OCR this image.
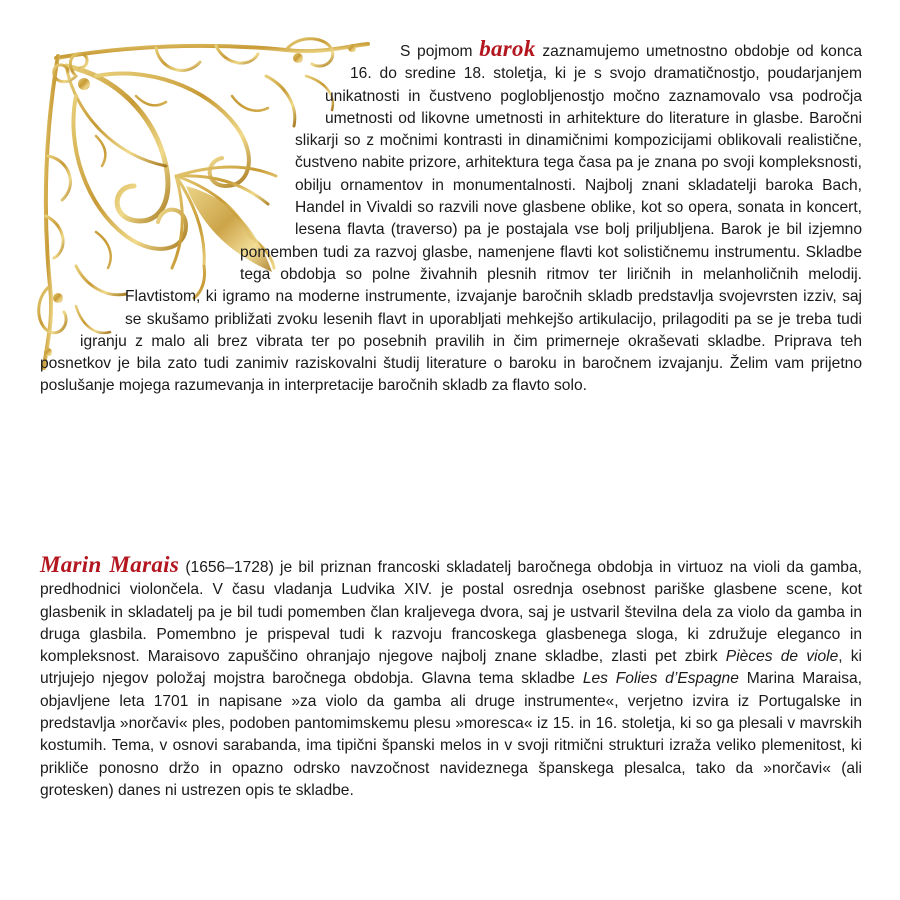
S pojmom barok zaznamujemo umetnostno obdobje od konca 16. do sredine 18. stoletja, ki je s svojo dramatičnostjo, poudarjanjem unikatnosti in čustveno poglobljenostjo močno zaznamovalo vsa področja umetnosti od likovne umetnosti in arhitekture do literature in glasbe. Baročni slikarji so z močnimi kontrasti in dinamičnimi kompozicijami oblikovali realistične, čustveno nabite prizore, arhitektura tega časa pa je znana po svoji kompleksnosti, obilju ornamentov in monumentalnosti. Najbolj znani skladatelji baroka Bach, Handel in Vivaldi so razvili nove glasbene oblike, kot so opera, sonata in koncert, lesena flavta (traverso) pa je postajala vse bolj priljubljena. Barok je bil izjemno pomemben tudi za razvoj glasbe, namenjene flavti kot solističnemu instrumentu. Skladbe tega obdobja so polne živahnih plesnih ritmov ter liričnih in melanholičnih melodij. Flavtistom, ki igramo na moderne instrumente, izvajanje baročnih skladb predstavlja svojevrsten izziv, saj se skušamo približati zvoku lesenih flavt in uporabljati mehkejšo artikulacijo, prilagoditi pa se je treba tudi igranju z malo ali brez vibrata ter po posebnih pravilih in čim primerneje okraševati skladbe. Priprava teh posnetkov je bila zato tudi zanimiv raziskovalni študij literature o baroku in baročnem izvajanju. Želim vam prijetno poslušanje mojega razumevanja in interpretacije baročnih skladb za flavto solo.

Marin Marais (1656–1728) je bil priznan francoski skladatelj baročnega obdobja in virtuoz na violi da gamba, predhodnici violončela. V času vladanja Ludvika XIV. je postal osrednja osebnost pariške glasbene scene, kot glasbenik in skladatelj pa je bil tudi pomemben član kraljevega dvora, saj je ustvaril številna dela za violo da gamba in druga glasbila. Pomembno je prispeval tudi k razvoju francoskega glasbenega sloga, ki združuje eleganco in kompleksnost. Maraisovo zapuščino ohranjajo njegove najbolj znane skladbe, zlasti pet zbirk Pièces de viole, ki utrjujejo njegov položaj mojstra baročnega obdobja. Glavna tema skladbe Les Folies d’Espagne Marina Maraisa, objavljene leta 1701 in napisane »za violo da gamba ali druge instrumente«, verjetno izvira iz Portugalske in predstavlja »norčavi« ples, podoben pantomimskemu plesu »moresca« iz 15. in 16. stoletja, ki so ga plesali v mavrskih kostumih. Tema, v osnovi sarabanda, ima tipični španski melos in v svoji ritmični strukturi izraža veliko plemenitost, ki prikliče ponosno držo in opazno odrsko navzočnost navideznega španskega plesalca, tako da »norčavi« (ali grotesken) danes ni ustrezen opis te skladbe.
